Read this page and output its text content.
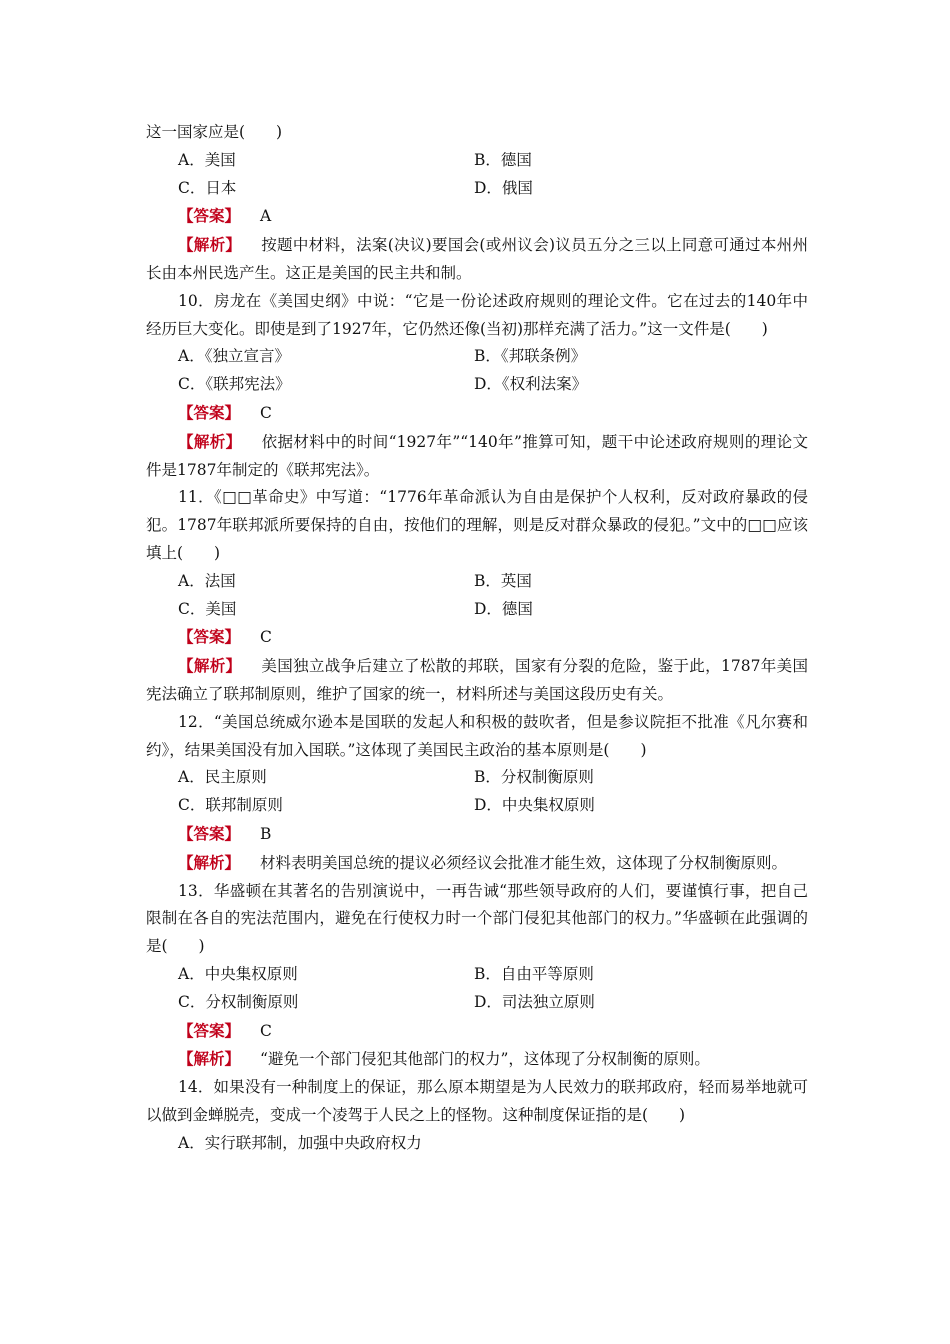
这一国家应是(　　)

A．美国	B．德国
C．日本	D．俄国

【答案】 A

【解析】 按题中材料，法案(决议)要国会(或州议会)议员五分之三以上同意可通过本州州长由本州民选产生。这正是美国的民主共和制。

10．房龙在《美国史纲》中说：“它是一份论述政府规则的理论文件。它在过去的140年中经历巨大变化。即使是到了1927年，它仍然还像(当初)那样充满了活力。”这一文件是(　　)

A．《独立宣言》	B．《邦联条例》
C．《联邦宪法》	D．《权利法案》

【答案】 C

【解析】 依据材料中的时间“1927年”“140年”推算可知，题干中论述政府规则的理论文件是1787年制定的《联邦宪法》。

11．《□□革命史》中写道：“1776年革命派认为自由是保护个人权利，反对政府暴政的侵犯。1787年联邦派所要保持的自由，按他们的理解，则是反对群众暴政的侵犯。”文中的□□应该填上(　　)

A．法国	B．英国
C．美国	D．德国

【答案】 C

【解析】 美国独立战争后建立了松散的邦联，国家有分裂的危险，鉴于此，1787年美国宪法确立了联邦制原则，维护了国家的统一，材料所述与美国这段历史有关。

12．“美国总统威尔逊本是国联的发起人和积极的鼓吹者，但是参议院拒不批准《凡尔赛和约》，结果美国没有加入国联。”这体现了美国民主政治的基本原则是(　　)

A．民主原则	B．分权制衡原则
C．联邦制原则	D．中央集权原则

【答案】 B

【解析】 材料表明美国总统的提议必须经议会批准才能生效，这体现了分权制衡原则。

13．华盛顿在其著名的告别演说中，一再告诫“那些领导政府的人们，要谨慎行事，把自己限制在各自的宪法范围内，避免在行使权力时一个部门侵犯其他部门的权力。”华盛顿在此强调的是(　　)

A．中央集权原则	B．自由平等原则
C．分权制衡原则	D．司法独立原则

【答案】 C

【解析】 “避免一个部门侵犯其他部门的权力”，这体现了分权制衡的原则。

14．如果没有一种制度上的保证，那么原本期望是为人民效力的联邦政府，轻而易举地就可以做到金蝉脱壳，变成一个凌驾于人民之上的怪物。这种制度保证指的是(　　)

A．实行联邦制，加强中央政府权力
